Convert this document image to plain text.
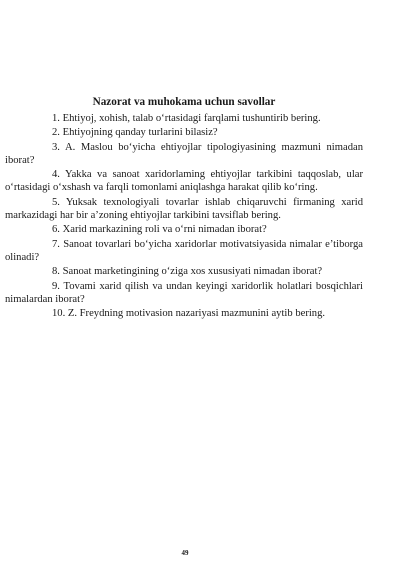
Nazorat va muhokama uchun savollar
1. Ehtiyoj, xohish, talab o‘rtasidagi farqlami tushuntirib bering.
2. Ehtiyojning qanday turlarini bilasiz?
3. A. Maslou bo‘yicha ehtiyojlar tipologiyasining mazmuni nimadan iborat?
4. Yakka va sanoat xaridorlaming ehtiyojlar tarkibini taqqoslab, ular o‘rtasidagi o‘xshash va farqli tomonlami aniqlashga harakat qilib ko‘ring.
5. Yuksak texnologiyali tovarlar ishlab chiqaruvchi firmaning xarid markazidagi har bir a’zoning ehtiyojlar tarkibini tavsiflab bering.
6. Xarid markazining roli va o‘rni nimadan iborat?
7. Sanoat tovarlari bo‘yicha xaridorlar motivatsiyasida nimalar e’tiborga olinadi?
8. Sanoat marketingining o‘ziga xos xususiyati nimadan iborat?
9. Tovami xarid qilish va undan keyingi xaridorlik holatlari bosqichlari nimalardan iborat?
10. Z. Freydning motivasion nazariyasi mazmunini aytib bering.
49
